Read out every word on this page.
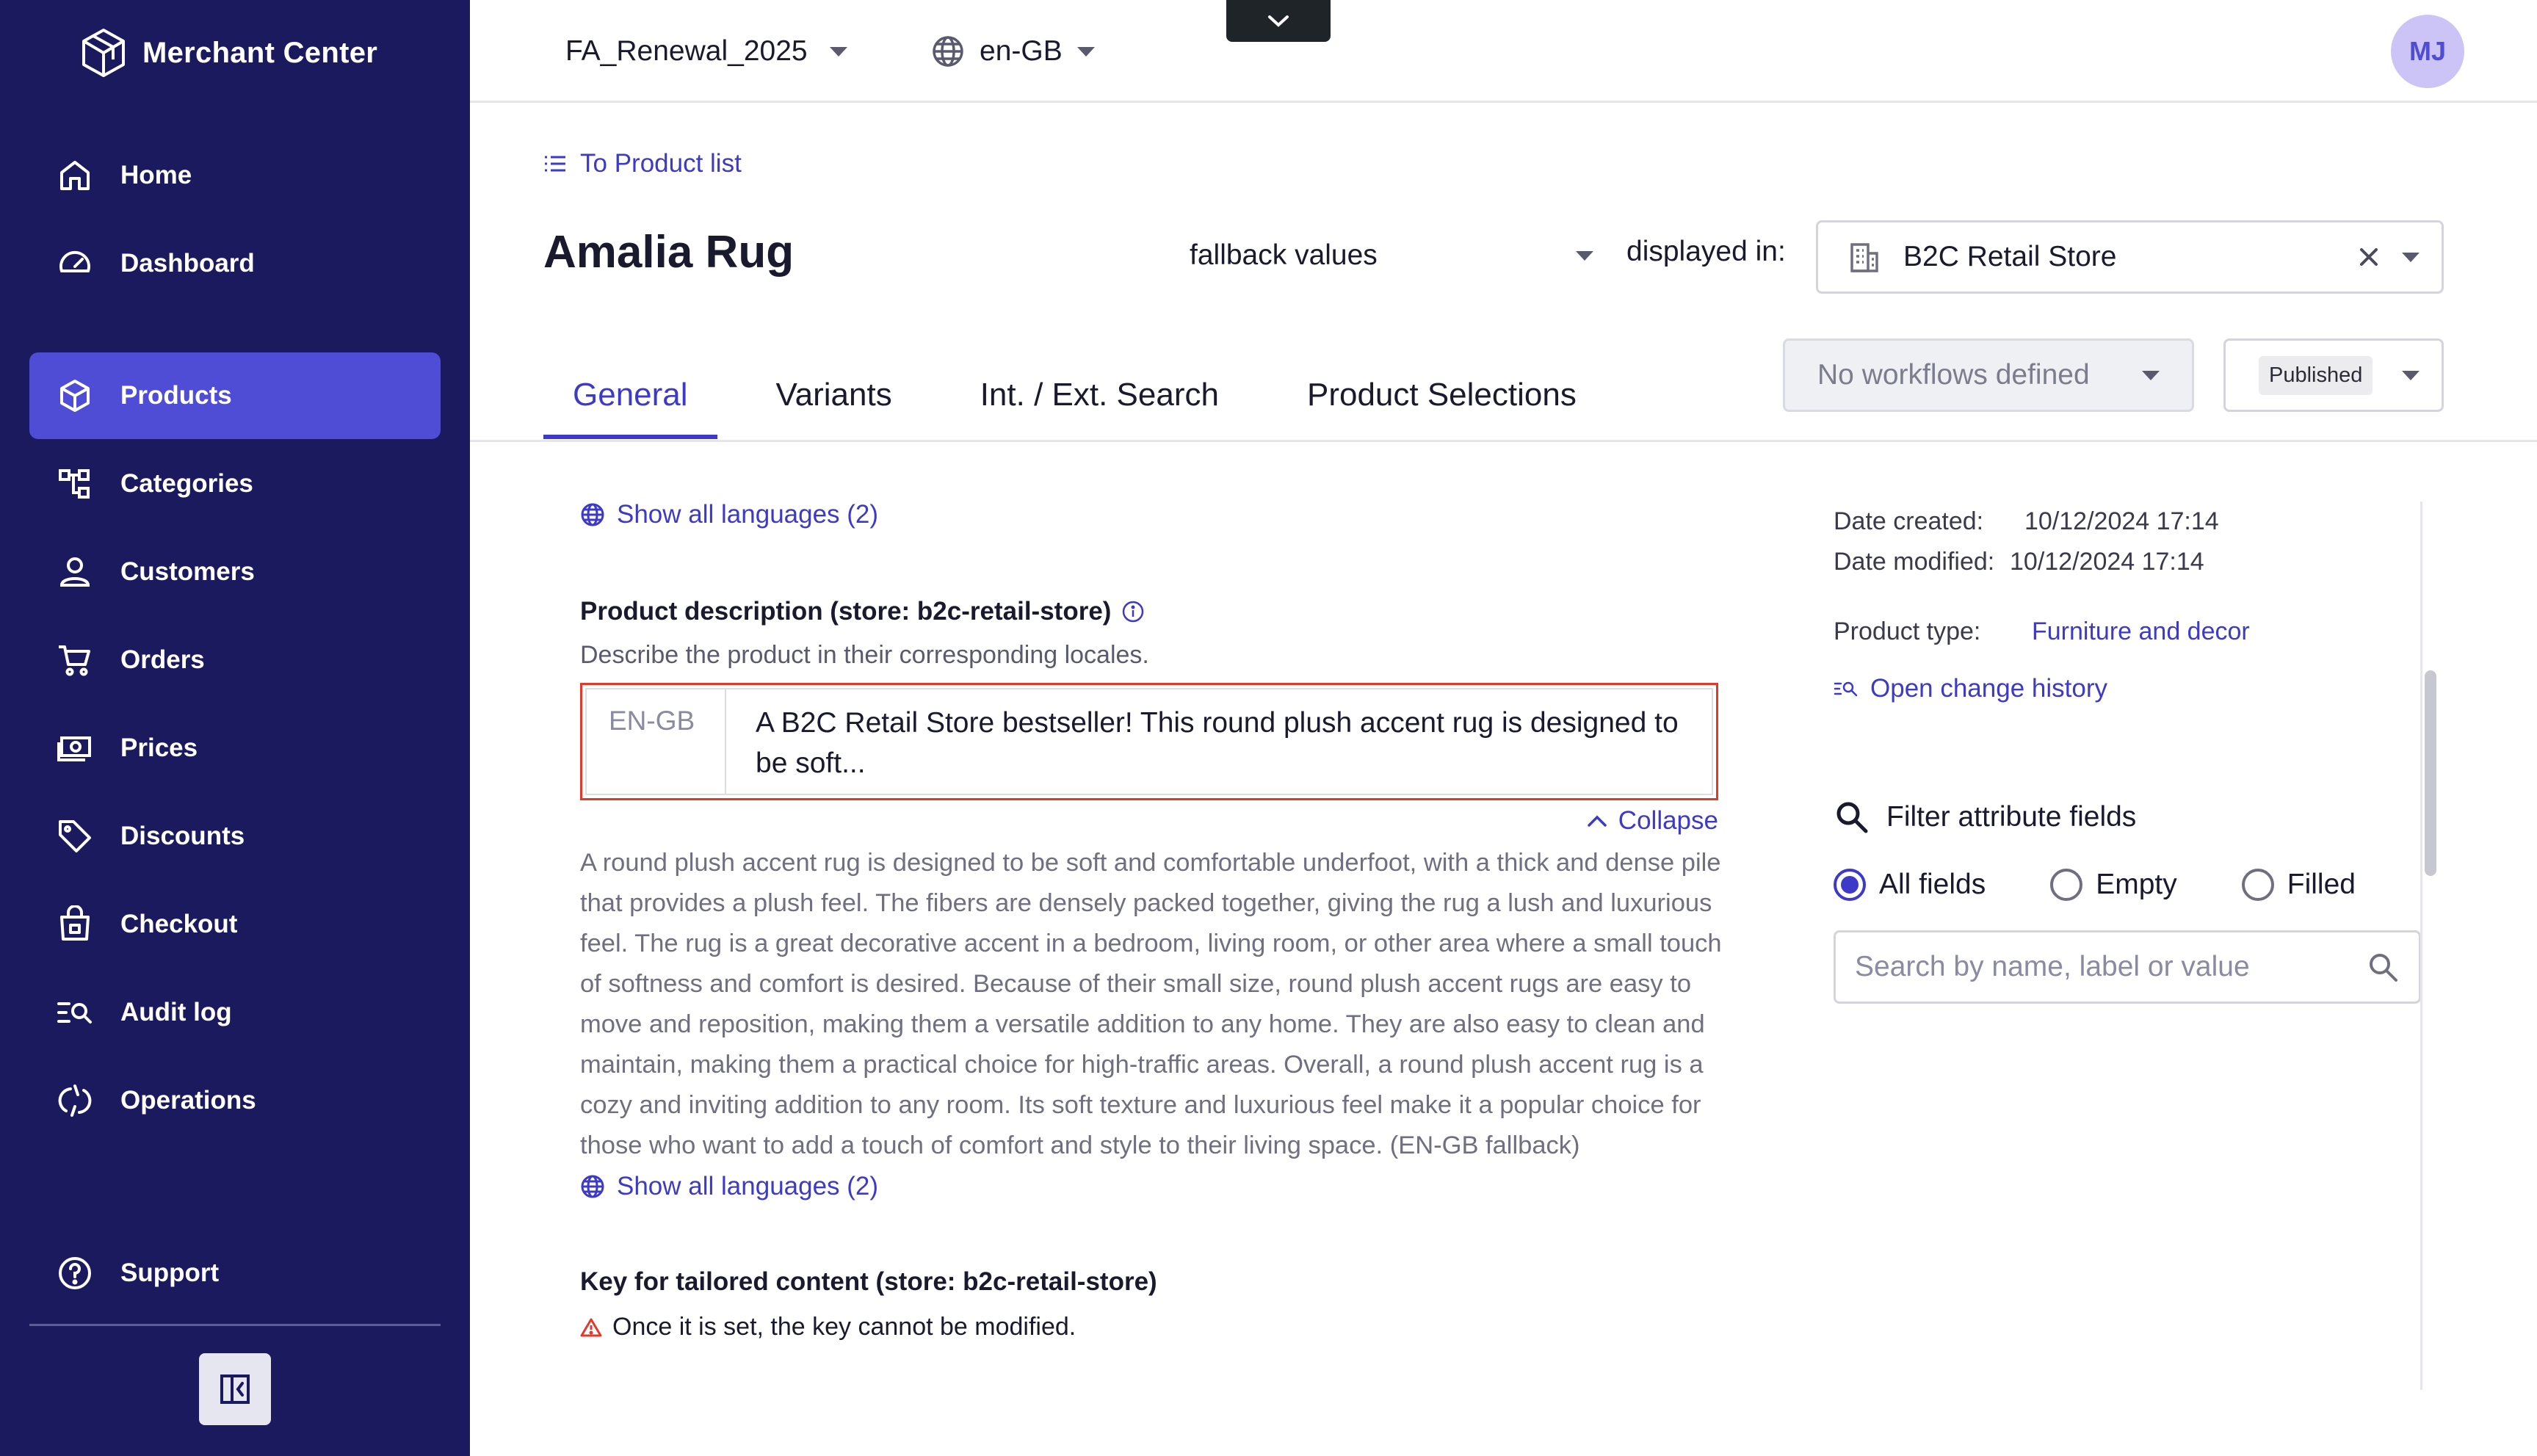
Merchant Center
Home
Dashboard
Products
Categories
Customers
Orders
Prices
Discounts
Checkout
Audit log
Operations
Support
FA_Renewal_2025	en-GB	MJ
To Product list
Amalia Rug	fallback values	displayed in:	B2C Retail Store
No workflows defined	Published
General	Variants	Int. / Ext. Search	Product Selections
Show all languages (2)
Product description (store: b2c-retail-store)
Describe the product in their corresponding locales.
EN-GB	A B2C Retail Store bestseller! This round plush accent rug is designed to be soft...
Collapse
A round plush accent rug is designed to be soft and comfortable underfoot, with a thick and dense pile that provides a plush feel. The fibers are densely packed together, giving the rug a lush and luxurious feel. The rug is a great decorative accent in a bedroom, living room, or other area where a small touch of softness and comfort is desired. Because of their small size, round plush accent rugs are easy to move and reposition, making them a versatile addition to any home. They are also easy to clean and maintain, making them a practical choice for high-traffic areas. Overall, a round plush accent rug is a cozy and inviting addition to any room. Its soft texture and luxurious feel make it a popular choice for those who want to add a touch of comfort and style to their living space. (EN-GB fallback)
Show all languages (2)
Key for tailored content (store: b2c-retail-store)
Once it is set, the key cannot be modified.
Date created:	10/12/2024 17:14
Date modified: 10/12/2024 17:14
Product type:	Furniture and decor
Open change history
Filter attribute fields
All fields	Empty	Filled
Search by name, label or value
